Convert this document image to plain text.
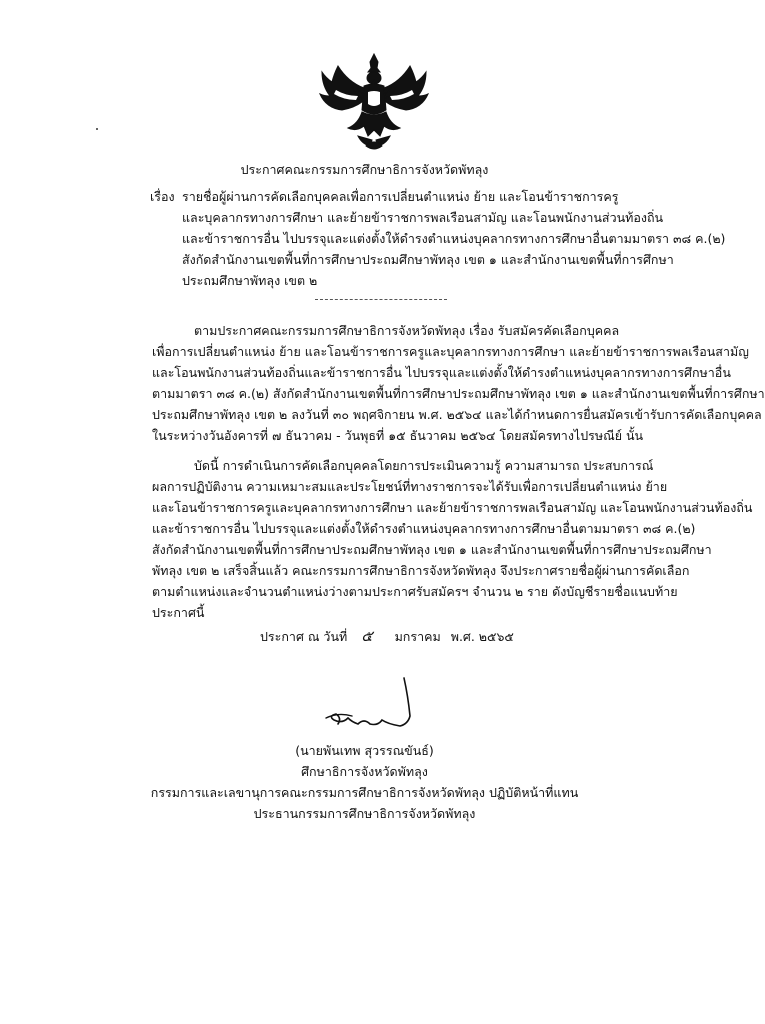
ประกาศคณะกรรมการศึกษาธิการจังหวัดพัทลุง
เรื่อง รายชื่อผู้ผ่านการคัดเลือกบุคคลเพื่อการเปลี่ยนตำแหน่ง ย้าย และโอนข้าราชการครู
และบุคลากรทางการศึกษา และย้ายข้าราชการพลเรือนสามัญ และโอนพนักงานส่วนท้องถิ่น
และข้าราชการอื่น ไปบรรจุและแต่งตั้งให้ดำรงตำแหน่งบุคลากรทางการศึกษาอื่นตามมาตรา ๓๘ ค.(๒)
สังกัดสำนักงานเขตพื้นที่การศึกษาประถมศึกษาพัทลุง เขต ๑ และสำนักงานเขตพื้นที่การศึกษา
ประถมศึกษาพัทลุง เขต ๒
ตามประกาศคณะกรรมการศึกษาธิการจังหวัดพัทลุง เรื่อง รับสมัครคัดเลือกบุคคล
เพื่อการเปลี่ยนตำแหน่ง ย้าย และโอนข้าราชการครูและบุคลากรทางการศึกษา และย้ายข้าราชการพลเรือนสามัญ
และโอนพนักงานส่วนท้องถิ่นและข้าราชการอื่น ไปบรรจุและแต่งตั้งให้ดำรงตำแหน่งบุคลากรทางการศึกษาอื่น
ตามมาตรา ๓๘ ค.(๒) สังกัดสำนักงานเขตพื้นที่การศึกษาประถมศึกษาพัทลุง เขต ๑ และสำนักงานเขตพื้นที่การศึกษา
ประถมศึกษาพัทลุง เขต ๒ ลงวันที่ ๓๐ พฤศจิกายน พ.ศ. ๒๕๖๔ และได้กำหนดการยื่นสมัครเข้ารับการคัดเลือกบุคคล
ในระหว่างวันอังคารที่ ๗ ธันวาคม - วันพุธที่ ๑๕ ธันวาคม ๒๕๖๔ โดยสมัครทางไปรษณีย์ นั้น
บัดนี้ การดำเนินการคัดเลือกบุคคลโดยการประเมินความรู้ ความสามารถ ประสบการณ์
ผลการปฏิบัติงาน ความเหมาะสมและประโยชน์ที่ทางราชการจะได้รับเพื่อการเปลี่ยนตำแหน่ง ย้าย
และโอนข้าราชการครูและบุคลากรทางการศึกษา และย้ายข้าราชการพลเรือนสามัญ และโอนพนักงานส่วนท้องถิ่น
และข้าราชการอื่น ไปบรรจุและแต่งตั้งให้ดำรงตำแหน่งบุคลากรทางการศึกษาอื่นตามมาตรา ๓๘ ค.(๒)
สังกัดสำนักงานเขตพื้นที่การศึกษาประถมศึกษาพัทลุง เขต ๑ และสำนักงานเขตพื้นที่การศึกษาประถมศึกษา
พัทลุง เขต ๒ เสร็จสิ้นแล้ว คณะกรรมการศึกษาธิการจังหวัดพัทลุง จึงประกาศรายชื่อผู้ผ่านการคัดเลือก
ตามตำแหน่งและจำนวนตำแหน่งว่างตามประกาศรับสมัครฯ จำนวน ๒ ราย ดังบัญชีรายชื่อแนบท้าย
ประกาศนี้
ประกาศ ณ วันที่ ๕ มกราคม พ.ศ. ๒๕๖๕
(นายพันเทพ สุวรรณขันธ์)
ศึกษาธิการจังหวัดพัทลุง
กรรมการและเลขานุการคณะกรรมการศึกษาธิการจังหวัดพัทลุง ปฏิบัติหน้าที่แทน
ประธานกรรมการศึกษาธิการจังหวัดพัทลุง
